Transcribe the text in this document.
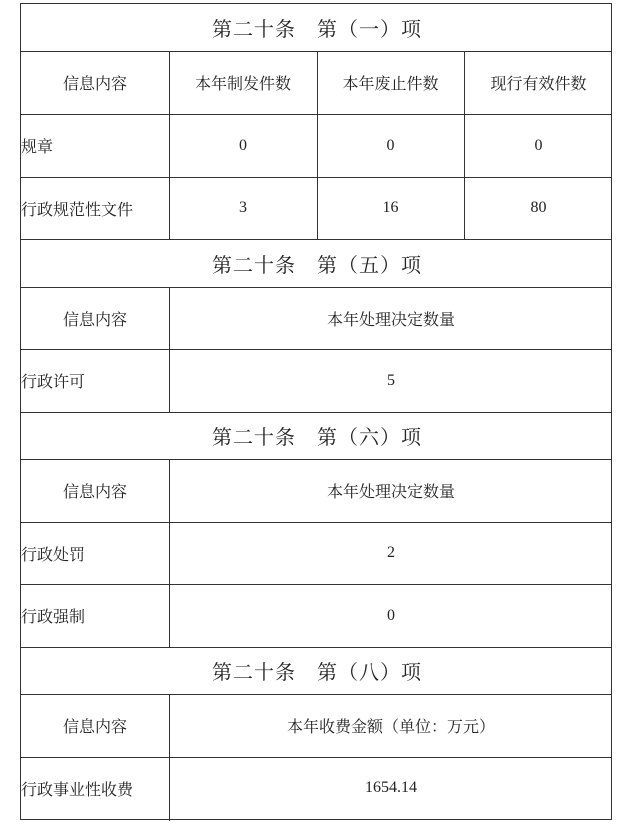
第二十条　第（一）项
信息内容	本年制发件数	本年废止件数	现行有效件数
规章	0	0	0
行政规范性文件	3	16	80
第二十条　第（五）项
信息内容	本年处理决定数量
行政许可	5
第二十条　第（六）项
信息内容	本年处理决定数量
行政处罚	2
行政强制	0
第二十条　第（八）项
信息内容	本年收费金额（单位：万元）
行政事业性收费	1654.14
